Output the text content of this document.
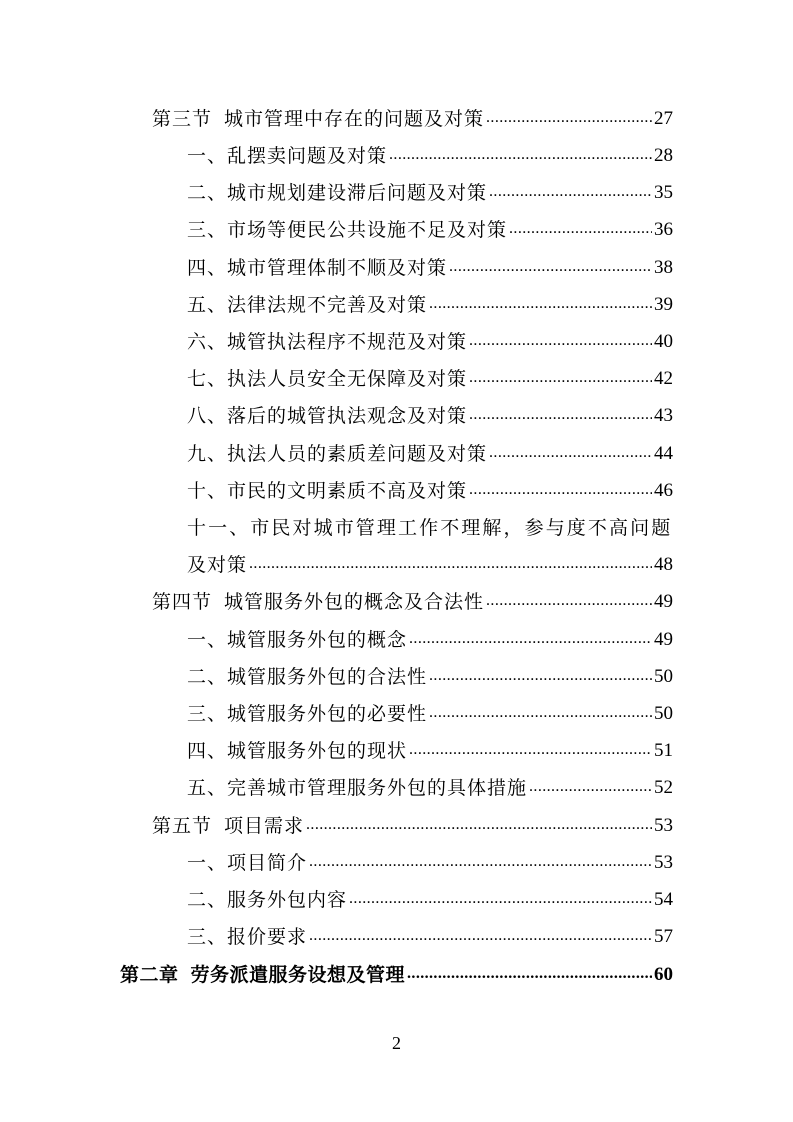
第三节 城市管理中存在的问题及对策 .....	27
一、乱摆卖问题及对策 .....	28
二、城市规划建设滞后问题及对策 .....	35
三、市场等便民公共设施不足及对策 .....	36
四、城市管理体制不顺及对策 .....	38
五、法律法规不完善及对策 .....	39
六、城管执法程序不规范及对策 .....	40
七、执法人员安全无保障及对策 .....	42
八、落后的城管执法观念及对策 .....	43
九、执法人员的素质差问题及对策 .....	44
十、市民的文明素质不高及对策 .....	46
十一、市民对城市管理工作不理解，参与度不高问题
及对策 .....	48
第四节 城管服务外包的概念及合法性 .....	49
一、城管服务外包的概念 .....	49
二、城管服务外包的合法性 .....	50
三、城管服务外包的必要性 .....	50
四、城管服务外包的现状 .....	51
五、完善城市管理服务外包的具体措施 .....	52
第五节 项目需求 .....	53
一、项目简介 .....	53
二、服务外包内容 .....	54
三、报价要求 .....	57
第二章 劳务派遣服务设想及管理 .....	60
2
